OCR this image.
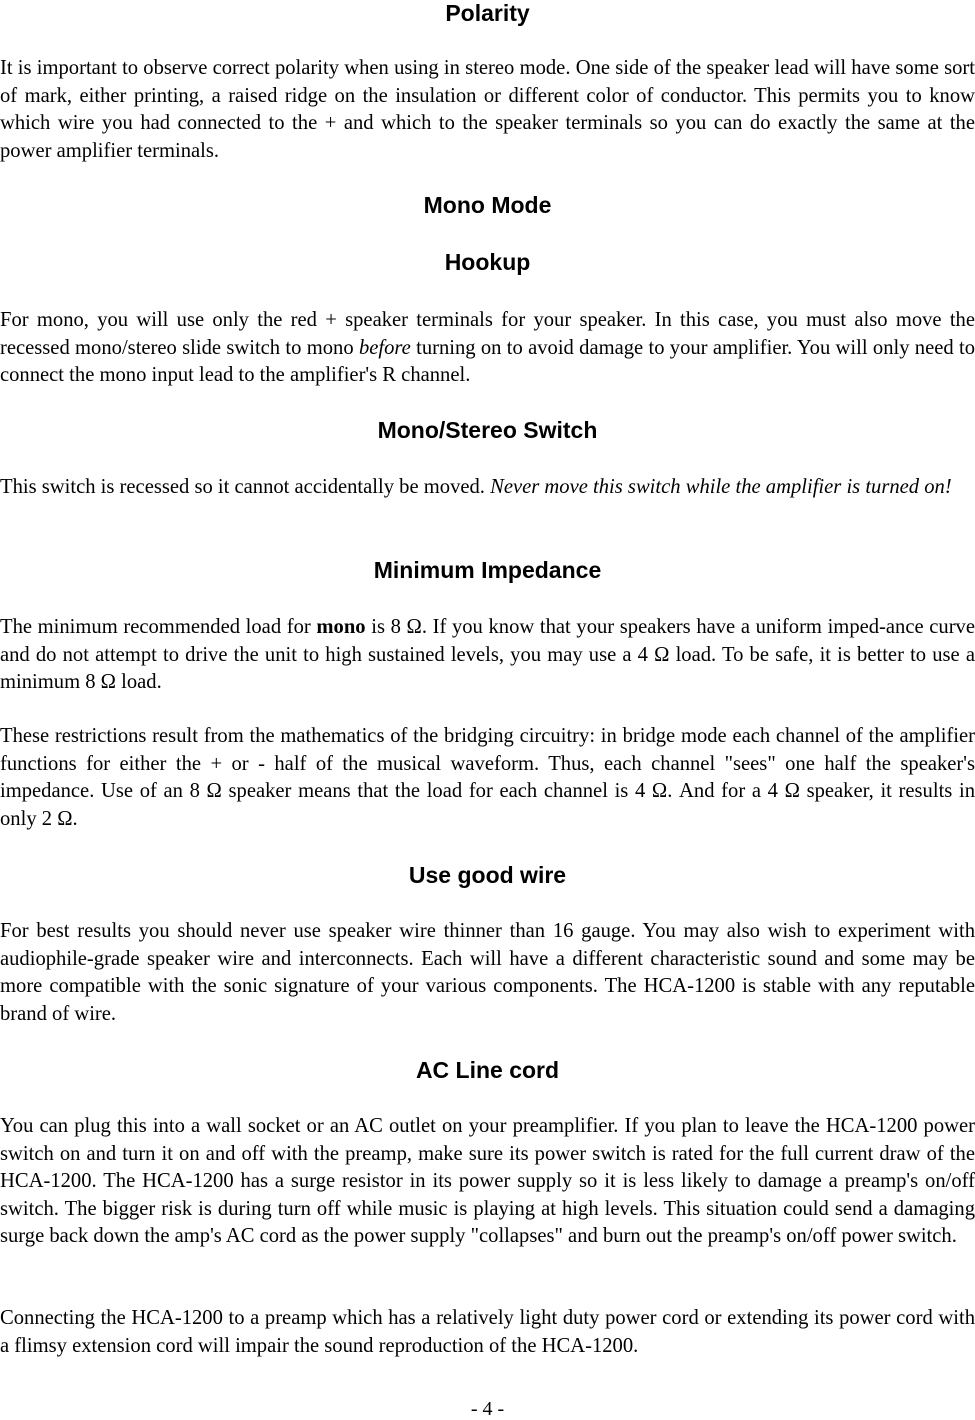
Polarity

It is important to observe correct polarity when using in stereo mode. One side of the speaker lead will have some sort of mark, either printing, a raised ridge on the insulation or different color of conductor. This permits you to know which wire you had connected to the + and which to the speaker terminals so you can do exactly the same at the power amplifier terminals.

Mono Mode
Hookup

For mono, you will use only the red + speaker terminals for your speaker. In this case, you must also move the recessed mono/stereo slide switch to mono before turning on to avoid damage to your amplifier. You will only need to connect the mono input lead to the amplifier's R channel.

Mono/Stereo Switch

This switch is recessed so it cannot accidentally be moved. Never move this switch while the amplifier is turned on!

Minimum Impedance

The minimum recommended load for mono is 8 Ω. If you know that your speakers have a uniform imped-ance curve and do not attempt to drive the unit to high sustained levels, you may use a 4 Ω load. To be safe, it is better to use a minimum 8 Ω load.

These restrictions result from the mathematics of the bridging circuitry: in bridge mode each channel of the amplifier functions for either the + or - half of the musical waveform. Thus, each channel "sees" one half the speaker's impedance. Use of an 8 Ω speaker means that the load for each channel is 4 Ω. And for a 4 Ω speaker, it results in only 2 Ω.

Use good wire

For best results you should never use speaker wire thinner than 16 gauge. You may also wish to experiment with audiophile-grade speaker wire and interconnects. Each will have a different characteristic sound and some may be more compatible with the sonic signature of your various components. The HCA-1200 is stable with any reputable brand of wire.

AC Line cord

You can plug this into a wall socket or an AC outlet on your preamplifier. If you plan to leave the HCA-1200 power switch on and turn it on and off with the preamp, make sure its power switch is rated for the full current draw of the HCA-1200. The HCA-1200 has a surge resistor in its power supply so it is less likely to damage a preamp's on/off switch. The bigger risk is during turn off while music is playing at high levels. This situation could send a damaging surge back down the amp's AC cord as the power supply "collapses" and burn out the preamp's on/off power switch.

Connecting the HCA-1200 to a preamp which has a relatively light duty power cord or extending its power cord with a flimsy extension cord will impair the sound reproduction of the HCA-1200.

- 4 -
